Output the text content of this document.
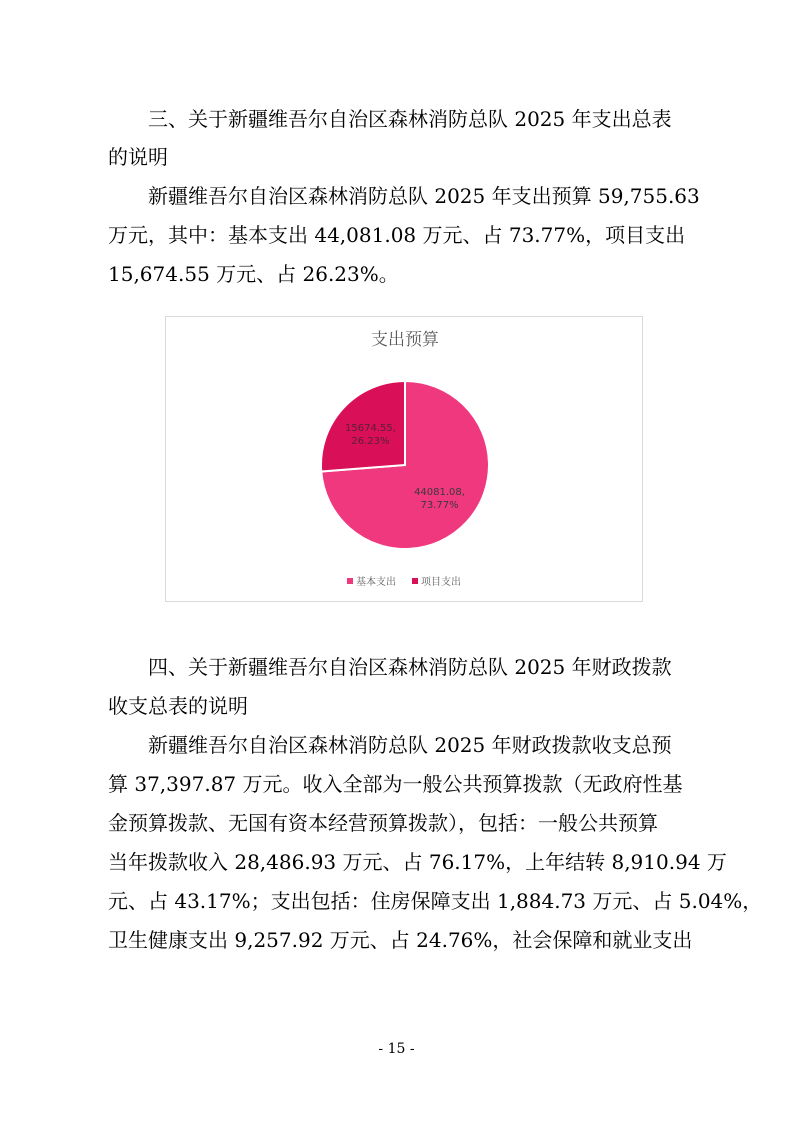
三、关于新疆维吾尔自治区森林消防总队 2025 年支出总表
的说明
新疆维吾尔自治区森林消防总队 2025 年支出预算 59,755.63
万元，其中：基本支出 44,081.08 万元、占 73.77%，项目支出
15,674.55 万元、占 26.23%。
支出预算
44081.08,
73.77%
15674.55,
26.23%
基本支出	项目支出
四、关于新疆维吾尔自治区森林消防总队 2025 年财政拨款
收支总表的说明
新疆维吾尔自治区森林消防总队 2025 年财政拨款收支总预
算 37,397.87 万元。收入全部为一般公共预算拨款（无政府性基
金预算拨款、无国有资本经营预算拨款），包括：一般公共预算
当年拨款收入 28,486.93 万元、占 76.17%，上年结转 8,910.94 万
元、占 43.17%；支出包括：住房保障支出 1,884.73 万元、占 5.04%，
卫生健康支出 9,257.92 万元、占 24.76%，社会保障和就业支出
- 15 -
